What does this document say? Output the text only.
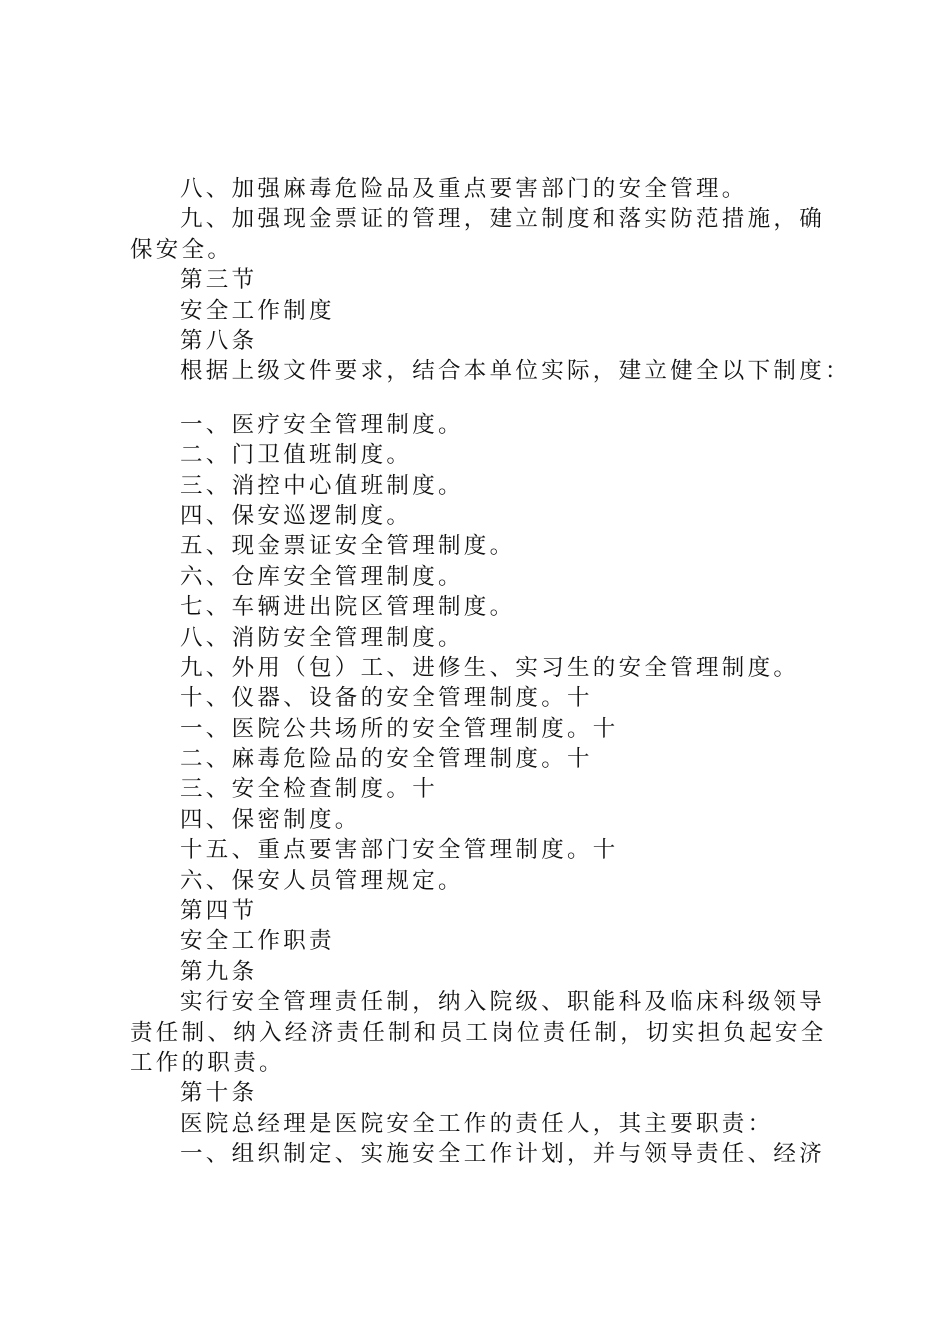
八、加强麻毒危险品及重点要害部门的安全管理。
九、加强现金票证的管理，建立制度和落实防范措施，确保安全。
第三节
安全工作制度
第八条
根据上级文件要求，结合本单位实际，建立健全以下制度：
一、医疗安全管理制度。
二、门卫值班制度。
三、消控中心值班制度。
四、保安巡逻制度。
五、现金票证安全管理制度。
六、仓库安全管理制度。
七、车辆进出院区管理制度。
八、消防安全管理制度。
九、外用（包）工、进修生、实习生的安全管理制度。
十、仪器、设备的安全管理制度。十
一、医院公共场所的安全管理制度。十
二、麻毒危险品的安全管理制度。十
三、安全检查制度。十
四、保密制度。
十五、重点要害部门安全管理制度。十
六、保安人员管理规定。
第四节
安全工作职责
第九条
实行安全管理责任制，纳入院级、职能科及临床科级领导责任制、纳入经济责任制和员工岗位责任制，切实担负起安全工作的职责。
第十条
医院总经理是医院安全工作的责任人，其主要职责：
一、组织制定、实施安全工作计划，并与领导责任、经济
